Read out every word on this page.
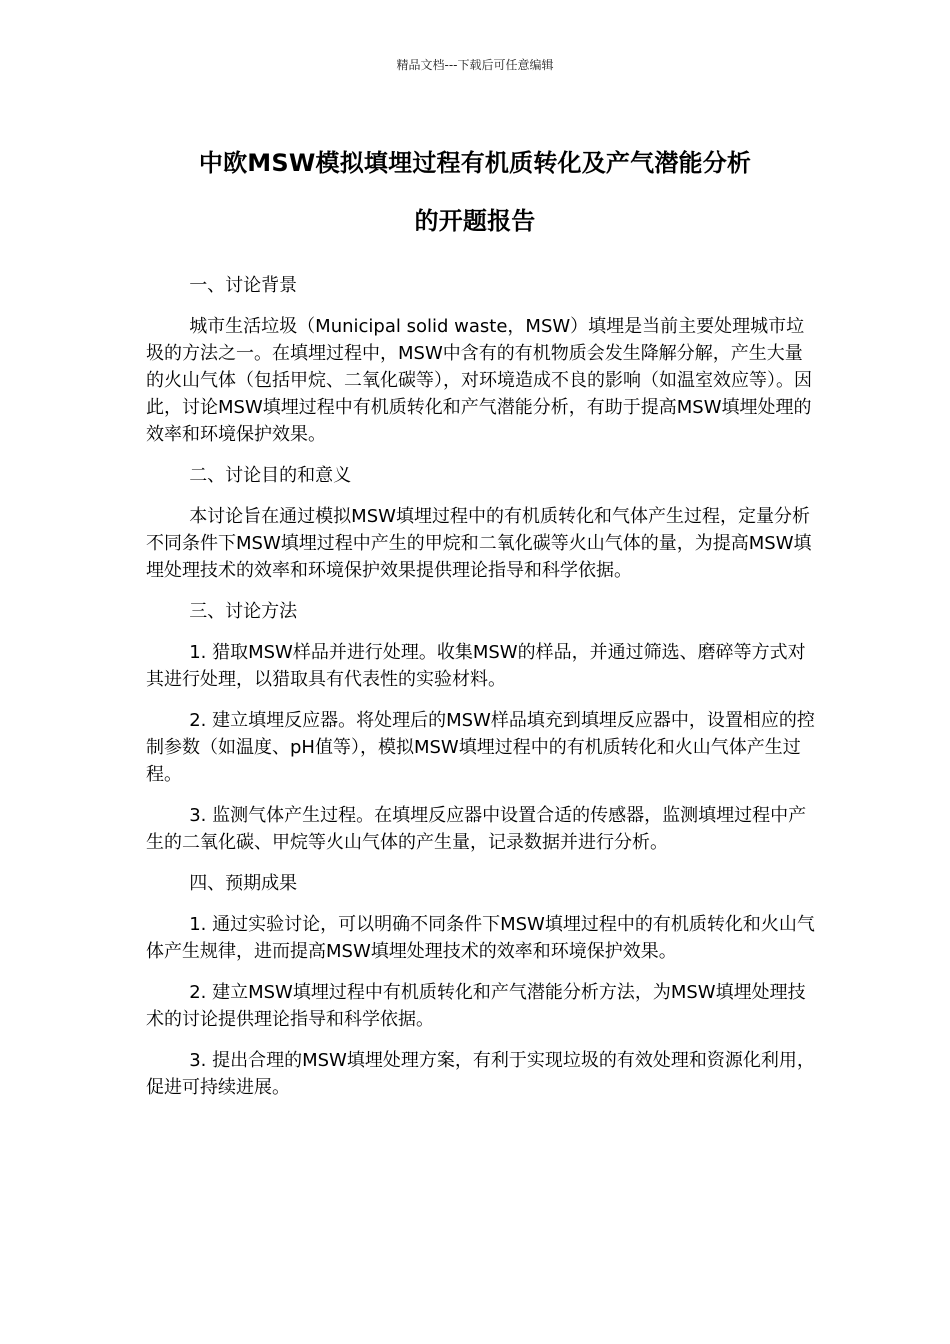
精品文档---下载后可任意编辑
中欧MSW模拟填埋过程有机质转化及产气潜能分析
的开题报告

一、讨论背景

城市生活垃圾（Municipal solid waste，MSW）填埋是当前主要处理城市垃圾的方法之一。在填埋过程中，MSW中含有的有机物质会发生降解分解，产生大量的火山气体（包括甲烷、二氧化碳等），对环境造成不良的影响（如温室效应等）。因此，讨论MSW填埋过程中有机质转化和产气潜能分析，有助于提高MSW填埋处理的效率和环境保护效果。

二、讨论目的和意义

本讨论旨在通过模拟MSW填埋过程中的有机质转化和气体产生过程，定量分析不同条件下MSW填埋过程中产生的甲烷和二氧化碳等火山气体的量，为提高MSW填埋处理技术的效率和环境保护效果提供理论指导和科学依据。

三、讨论方法

1. 猎取MSW样品并进行处理。收集MSW的样品，并通过筛选、磨碎等方式对其进行处理，以猎取具有代表性的实验材料。

2. 建立填埋反应器。将处理后的MSW样品填充到填埋反应器中，设置相应的控制参数（如温度、pH值等），模拟MSW填埋过程中的有机质转化和火山气体产生过程。

3. 监测气体产生过程。在填埋反应器中设置合适的传感器，监测填埋过程中产生的二氧化碳、甲烷等火山气体的产生量，记录数据并进行分析。

四、预期成果

1. 通过实验讨论，可以明确不同条件下MSW填埋过程中的有机质转化和火山气体产生规律，进而提高MSW填埋处理技术的效率和环境保护效果。

2. 建立MSW填埋过程中有机质转化和产气潜能分析方法，为MSW填埋处理技术的讨论提供理论指导和科学依据。

3. 提出合理的MSW填埋处理方案，有利于实现垃圾的有效处理和资源化利用，促进可持续进展。
